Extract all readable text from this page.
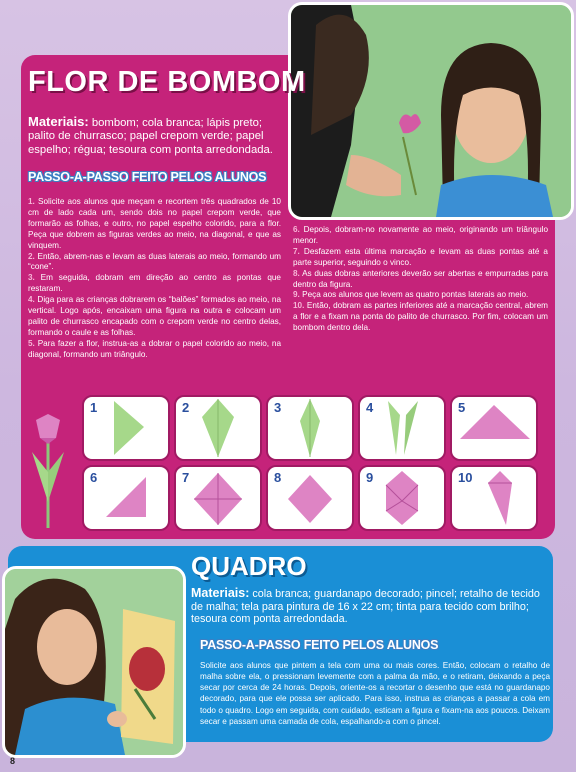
FLOR DE BOMBOM
Materiais: bombom; cola branca; lápis preto; palito de churrasco; papel crepom verde; papel espelho; régua; tesoura com ponta arredondada.
PASSO-A-PASSO FEITO PELOS ALUNOS

1. Solicite aos alunos que meçam e recortem três quadrados de 10 cm de lado cada um, sendo dois no papel crepom verde, que formarão as folhas, e outro, no papel espelho colorido, para a flor. Peça que dobrem as figuras verdes ao meio, na diagonal, e que as vinquem.

2. Então, abrem-nas e levam as duas laterais ao meio, formando um “cone”.

3. Em seguida, dobram em direção ao centro as pontas que restaram.

4. Diga para as crianças dobrarem os “balões” formados ao meio, na vertical. Logo após, encaixam uma figura na outra e colocam um palito de churrasco encapado com o crepom verde no centro delas, formando o caule e as folhas.

5. Para fazer a flor, instrua-as a dobrar o papel colorido ao meio, na diagonal, formando um triângulo.

6. Depois, dobram-no novamente ao meio, originando um triângulo menor.

7. Desfazem esta última marcação e levam as duas pontas até a parte superior, seguindo o vinco.

8. As duas dobras anteriores deverão ser abertas e empurradas para dentro da figura.

9. Peça aos alunos que levem as quatro pontas laterais ao meio.

10. Então, dobram as partes inferiores até a marcação central, abrem a flor e a fixam na ponta do palito de churrasco. Por fim, colocam um bombom dentro dela.

1	2	3	4	5
6	7	8	9	10
QUADRO
Materiais: cola branca; guardanapo decorado; pincel; retalho de tecido de malha; tela para pintura de 16 x 22 cm; tinta para tecido com brilho; tesoura com ponta arredondada.
PASSO-A-PASSO FEITO PELOS ALUNOS
Solicite aos alunos que pintem a tela com uma ou mais cores. Então, colocam o retalho de malha sobre ela, o pressionam levemente com a palma da mão, e o retiram, deixando a peça secar por cerca de 24 horas. Depois, oriente-os a recortar o desenho que está no guardanapo decorado, para que ele possa ser aplicado. Para isso, instrua as crianças a passar a cola em todo o quadro. Logo em seguida, com cuidado, esticam a figura e fixam-na aos poucos. Deixam secar e passam uma camada de cola, espalhando-a com o pincel.
8
